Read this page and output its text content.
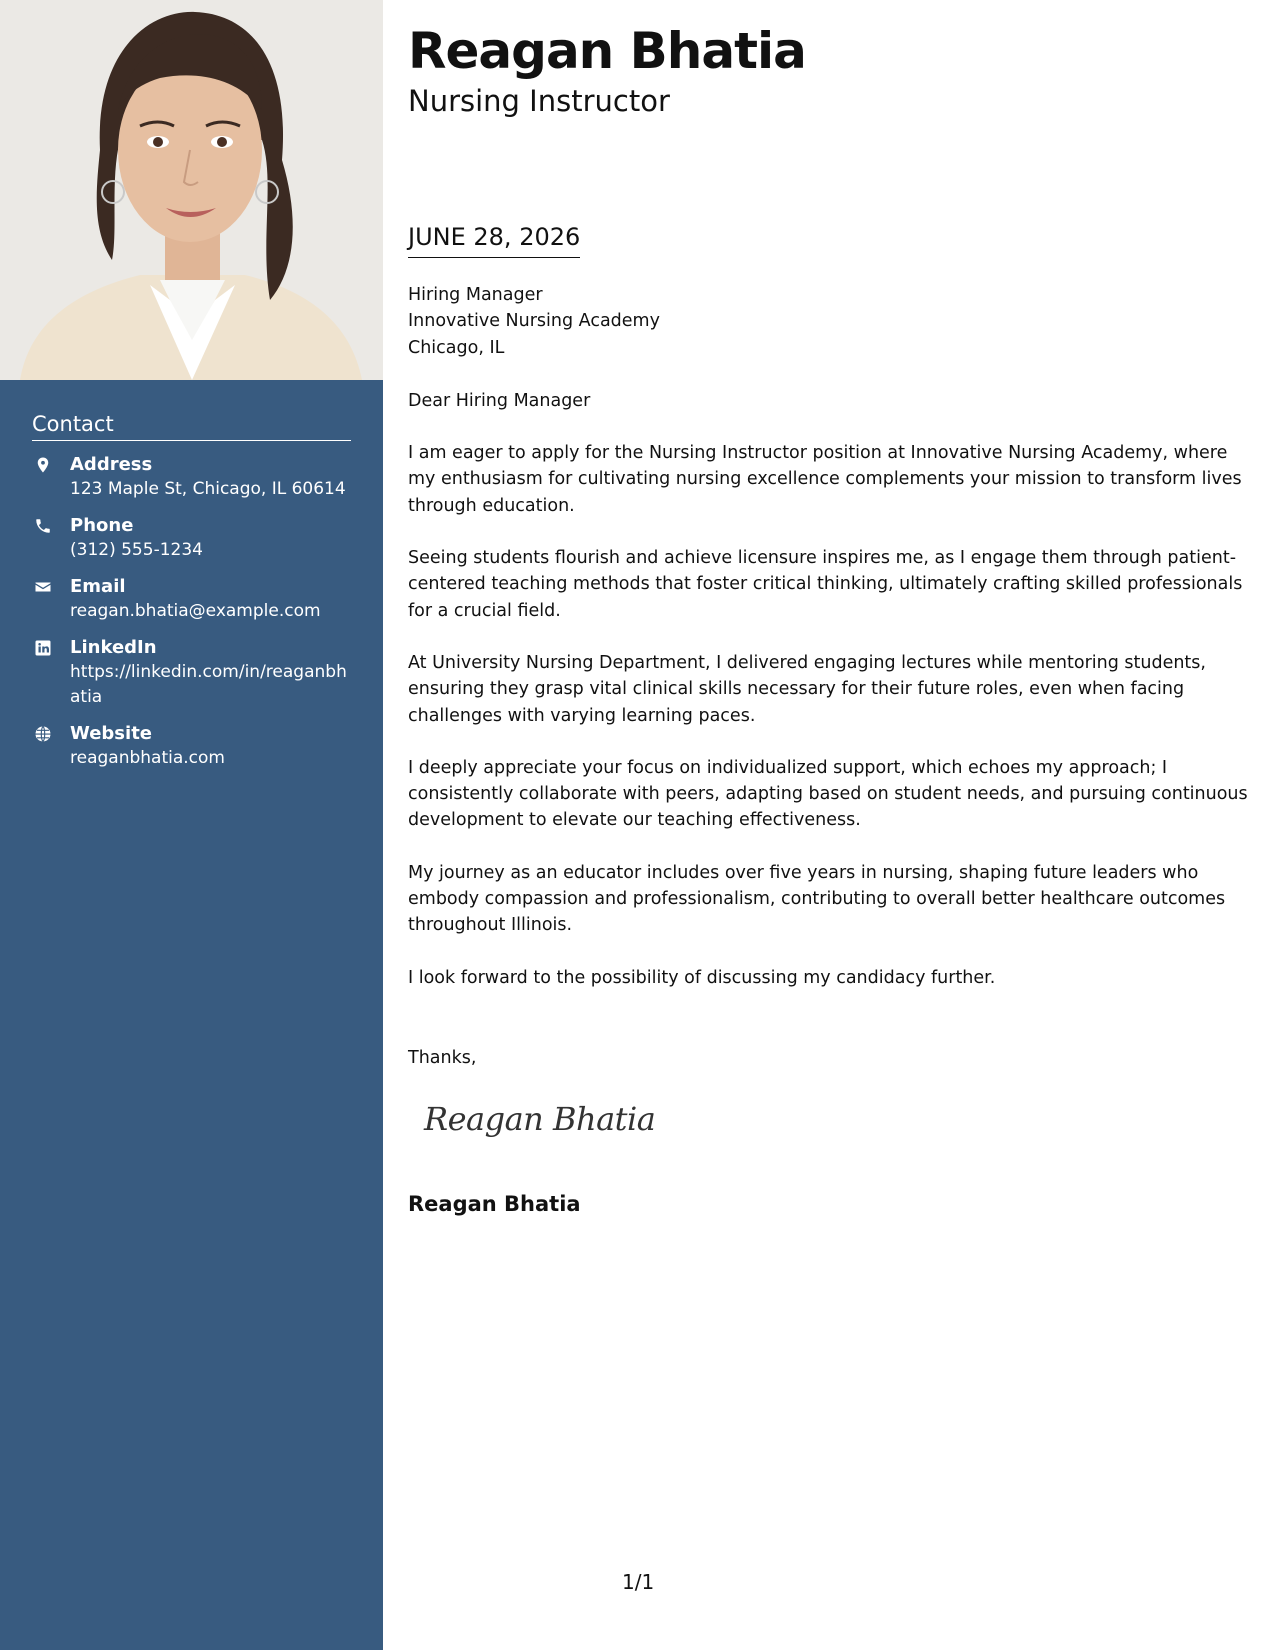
Contact
Address
123 Maple St, Chicago, IL 60614
Phone
(312) 555-1234
Email
reagan.bhatia@example.com
LinkedIn
https://linkedin.com/in/reaganbhatia
Website
reaganbhatia.com
Reagan Bhatia
Nursing Instructor
JUNE 28, 2026
Hiring Manager
Innovative Nursing Academy
Chicago, IL
Dear Hiring Manager
I am eager to apply for the Nursing Instructor position at Innovative Nursing Academy, where my enthusiasm for cultivating nursing excellence complements your mission to transform lives through education.
Seeing students flourish and achieve licensure inspires me, as I engage them through patient-centered teaching methods that foster critical thinking, ultimately crafting skilled professionals for a crucial field.
At University Nursing Department, I delivered engaging lectures while mentoring students, ensuring they grasp vital clinical skills necessary for their future roles, even when facing challenges with varying learning paces.
I deeply appreciate your focus on individualized support, which echoes my approach; I consistently collaborate with peers, adapting based on student needs, and pursuing continuous development to elevate our teaching effectiveness.
My journey as an educator includes over five years in nursing, shaping future leaders who embody compassion and professionalism, contributing to overall better healthcare outcomes throughout Illinois.
I look forward to the possibility of discussing my candidacy further.
Thanks,
Reagan Bhatia
Reagan Bhatia
1/1
